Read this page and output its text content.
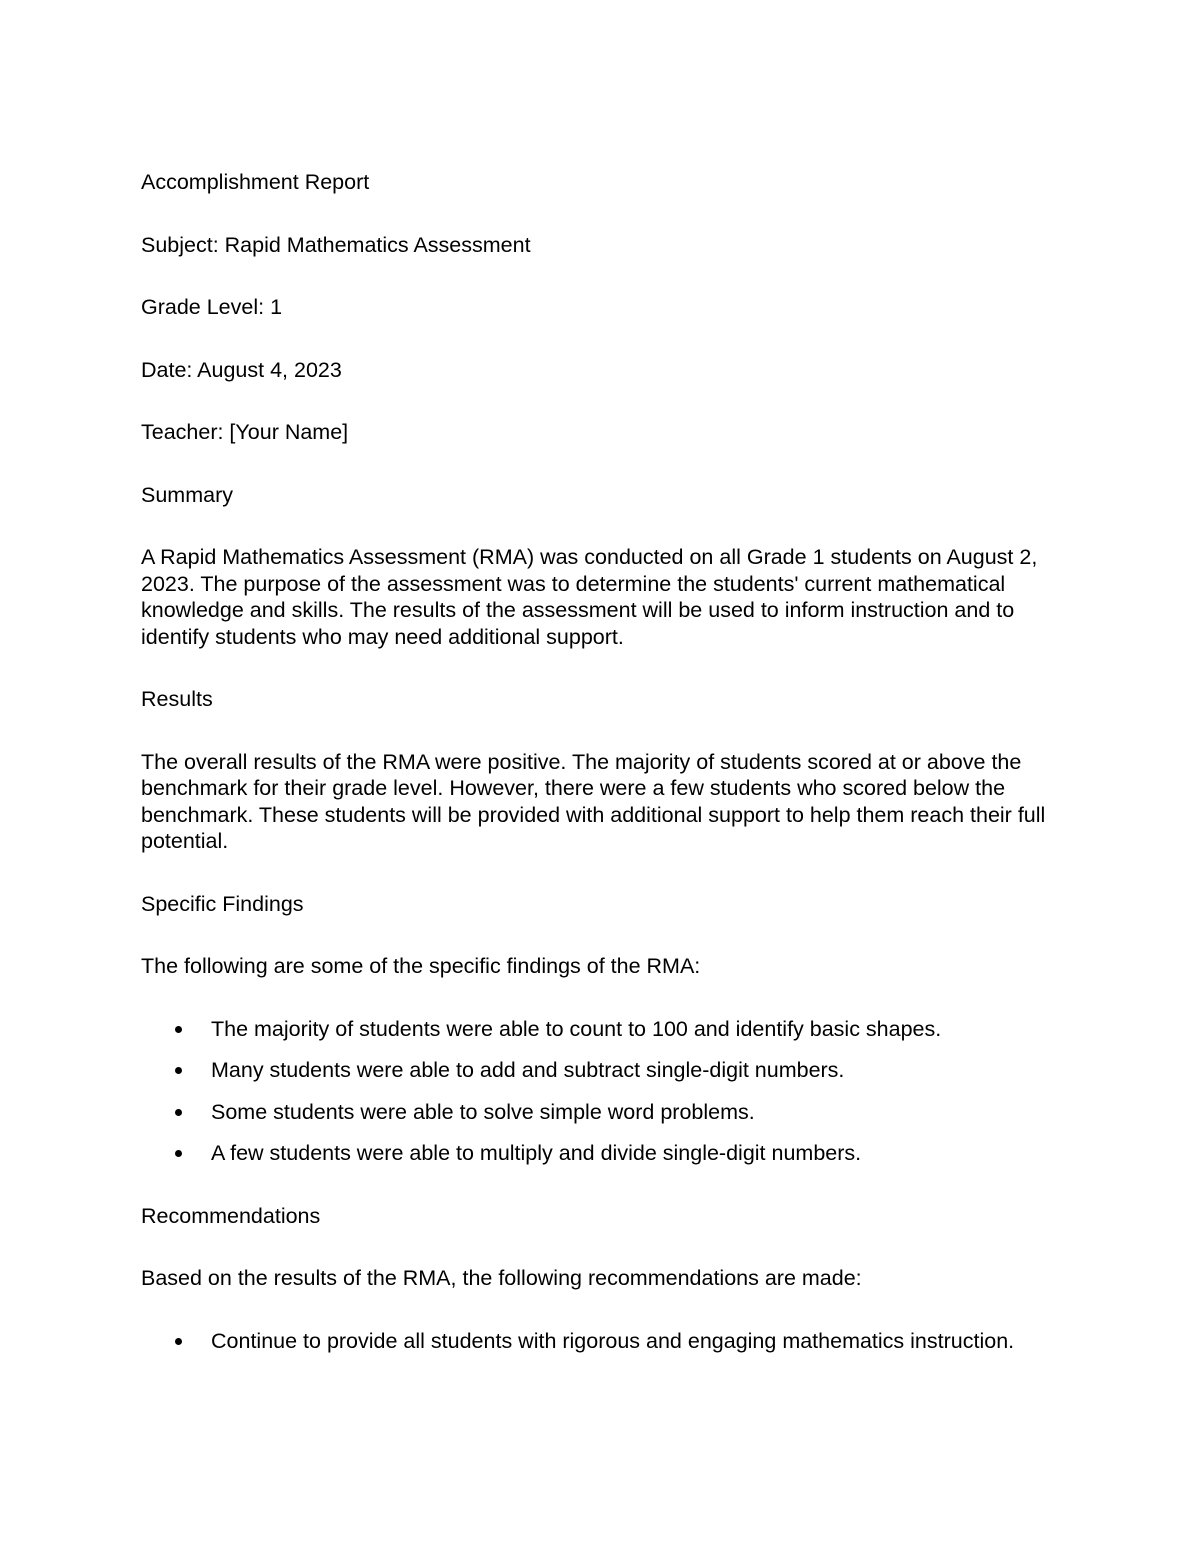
Accomplishment Report

Subject: Rapid Mathematics Assessment

Grade Level: 1

Date: August 4, 2023

Teacher: [Your Name]

Summary

A Rapid Mathematics Assessment (RMA) was conducted on all Grade 1 students on August 2, 2023. The purpose of the assessment was to determine the students' current mathematical knowledge and skills. The results of the assessment will be used to inform instruction and to identify students who may need additional support.

Results

The overall results of the RMA were positive. The majority of students scored at or above the benchmark for their grade level. However, there were a few students who scored below the benchmark. These students will be provided with additional support to help them reach their full potential.

Specific Findings

The following are some of the specific findings of the RMA:

The majority of students were able to count to 100 and identify basic shapes.
Many students were able to add and subtract single-digit numbers.
Some students were able to solve simple word problems.
A few students were able to multiply and divide single-digit numbers.

Recommendations

Based on the results of the RMA, the following recommendations are made:

Continue to provide all students with rigorous and engaging mathematics instruction.
